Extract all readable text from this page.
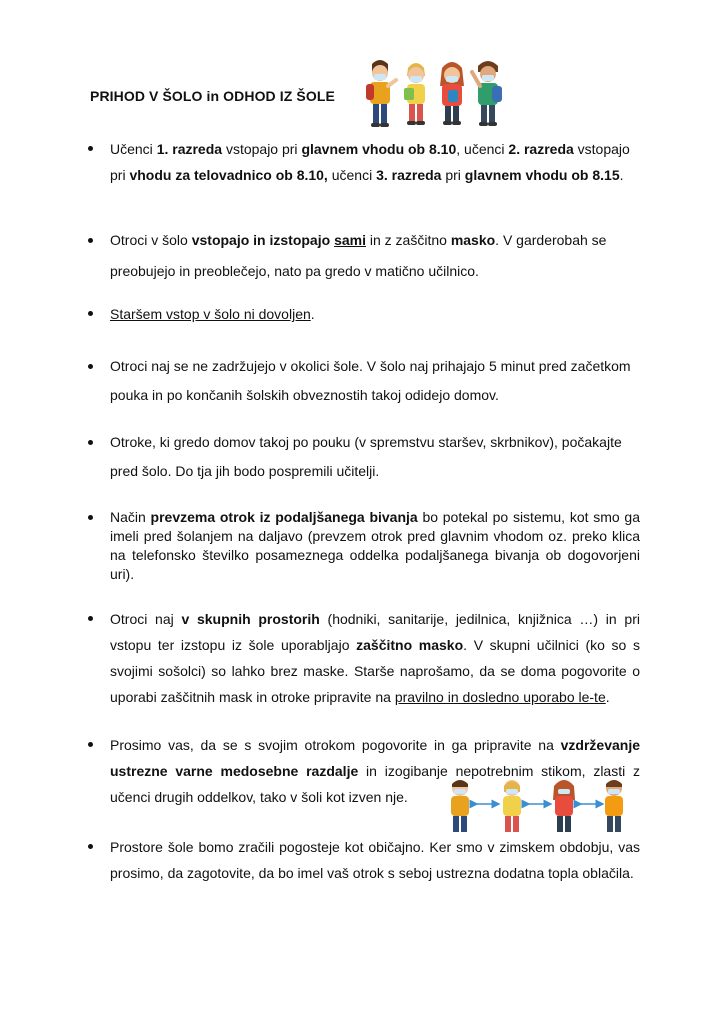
PRIHOD V ŠOLO in ODHOD IZ ŠOLE
Učenci 1. razreda vstopajo pri glavnem vhodu ob 8.10, učenci 2. razreda vstopajo pri vhodu za telovadnico ob 8.10, učenci 3. razreda pri glavnem vhodu ob 8.15.
Otroci v šolo vstopajo in izstopajo sami in z zaščitno masko. V garderobah se preobujejo in preoblečejo, nato pa gredo v matično učilnico.
Staršem vstop v šolo ni dovoljen.
Otroci naj se ne zadržujejo v okolici šole. V šolo naj prihajajo 5 minut pred začetkom pouka in po končanih šolskih obveznostih takoj odidejo domov.
Otroke, ki gredo domov takoj po pouku (v spremstvu staršev, skrbnikov), počakajte pred šolo. Do tja jih bodo pospremili učitelji.
Način prevzema otrok iz podaljšanega bivanja bo potekal po sistemu, kot smo ga imeli pred šolanjem na daljavo (prevzem otrok pred glavnim vhodom oz. preko klica na telefonsko številko posameznega oddelka podaljšanega bivanja ob dogovorjeni uri).
Otroci naj v skupnih prostorih (hodniki, sanitarije, jedilnica, knjižnica …) in pri vstopu ter izstopu iz šole uporabljajo zaščitno masko. V skupni učilnici (ko so s svojimi sošolci) so lahko brez maske. Starše naprošamo, da se doma pogovorite o uporabi zaščitnih mask in otroke pripravite na pravilno in dosledno uporabo le-te.
Prosimo vas, da se s svojim otrokom pogovorite in ga pripravite na vzdrževanje ustrezne varne medosebne razdalje in izogibanje nepotrebnim stikom, zlasti z učenci drugih oddelkov, tako v šoli kot izven nje.
Prostore šole bomo zračili pogosteje kot običajno. Ker smo v zimskem obdobju, vas prosimo, da zagotovite, da bo imel vaš otrok s seboj ustrezna dodatna topla oblačila.
